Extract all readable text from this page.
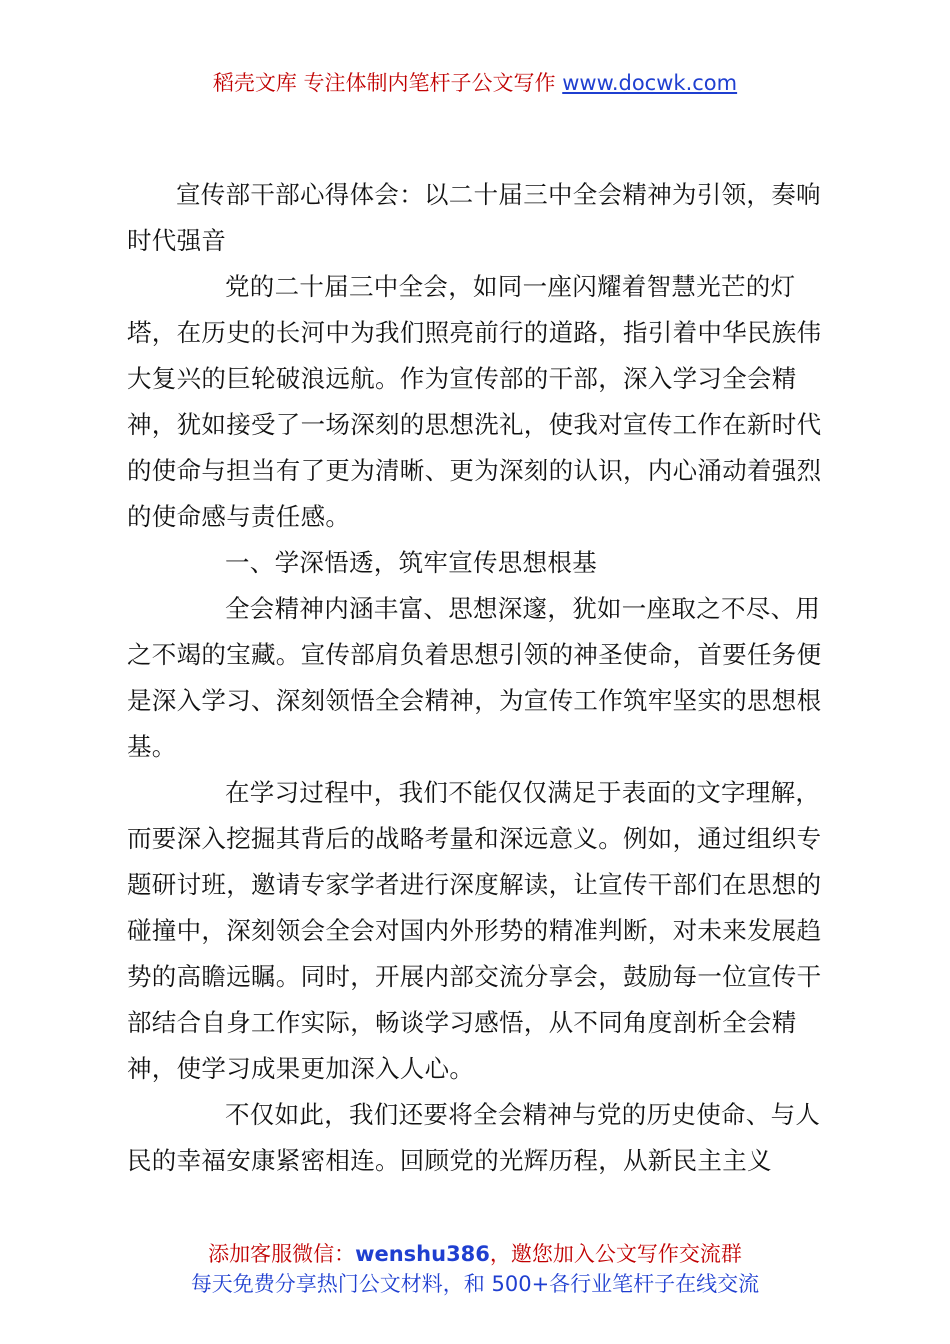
稻壳文库 专注体制内笔杆子公文写作 www.docwk.com

宣传部干部心得体会：以二十届三中全会精神为引领，奏响时代强音

党的二十届三中全会，如同一座闪耀着智慧光芒的灯塔，在历史的长河中为我们照亮前行的道路，指引着中华民族伟大复兴的巨轮破浪远航。作为宣传部的干部，深入学习全会精神，犹如接受了一场深刻的思想洗礼，使我对宣传工作在新时代的使命与担当有了更为清晰、更为深刻的认识，内心涌动着强烈的使命感与责任感。

一、学深悟透，筑牢宣传思想根基

全会精神内涵丰富、思想深邃，犹如一座取之不尽、用之不竭的宝藏。宣传部肩负着思想引领的神圣使命，首要任务便是深入学习、深刻领悟全会精神，为宣传工作筑牢坚实的思想根基。

在学习过程中，我们不能仅仅满足于表面的文字理解，而要深入挖掘其背后的战略考量和深远意义。例如，通过组织专题研讨班，邀请专家学者进行深度解读，让宣传干部们在思想的碰撞中，深刻领会全会对国内外形势的精准判断，对未来发展趋势的高瞻远瞩。同时，开展内部交流分享会，鼓励每一位宣传干部结合自身工作实际，畅谈学习感悟，从不同角度剖析全会精神，使学习成果更加深入人心。

不仅如此，我们还要将全会精神与党的历史使命、与人民的幸福安康紧密相连。回顾党的光辉历程，从新民主主义

添加客服微信：wenshu386，邀您加入公文写作交流群
每天免费分享热门公文材料，和 500+各行业笔杆子在线交流
